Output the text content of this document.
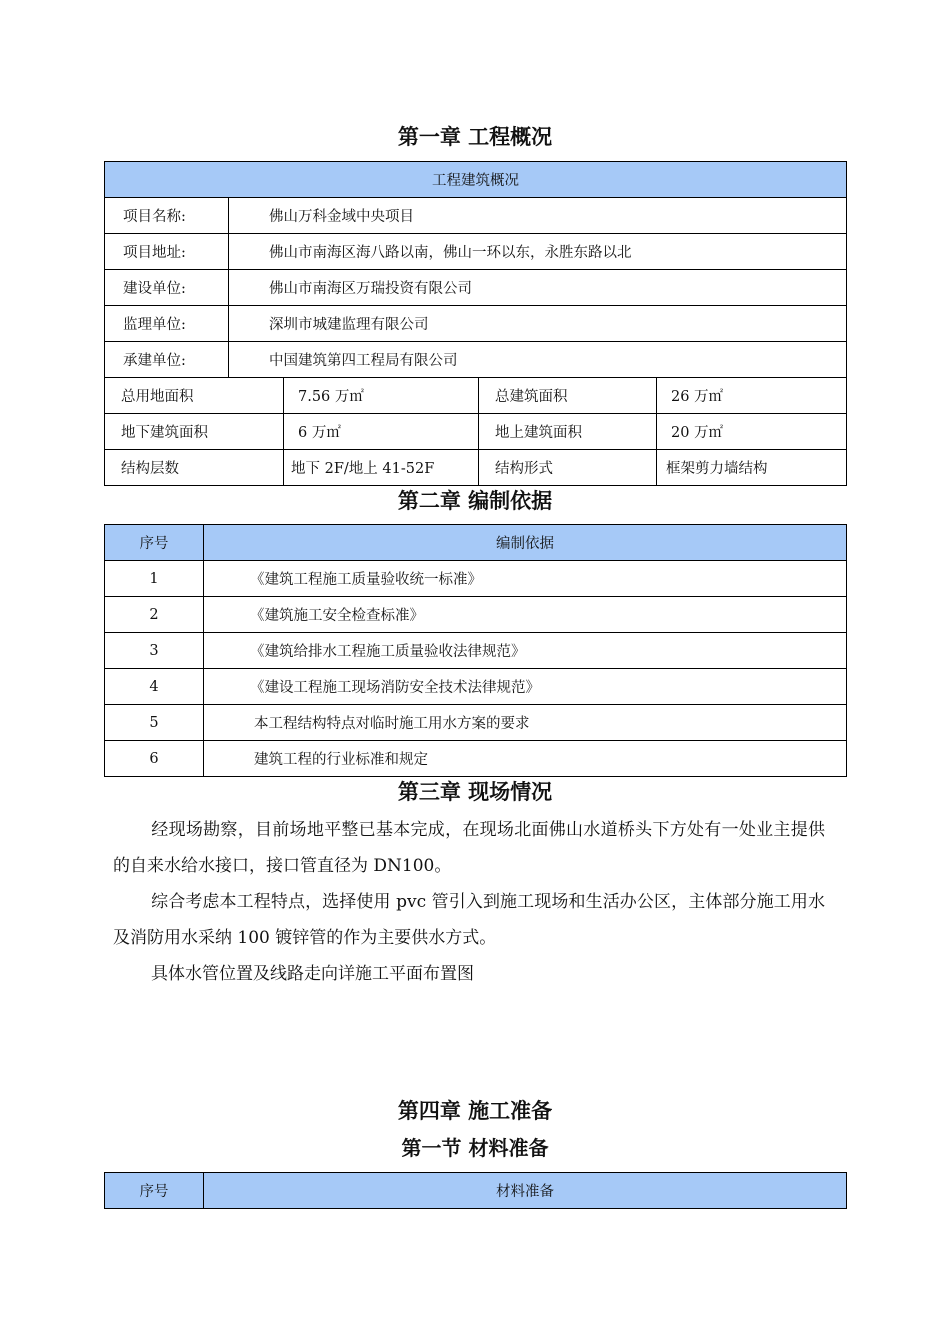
第一章 工程概况
工程建筑概况				
项目名称:	佛山万科金域中央项目			
项目地址:	佛山市南海区海八路以南，佛山一环以东，永胜东路以北			
建设单位:	佛山市南海区万瑞投资有限公司			
监理单位:	深圳市城建监理有限公司			
承建单位:	中国建筑第四工程局有限公司			
总用地面积		7.56 万㎡	总建筑面积	26 万㎡
地下建筑面积		6 万㎡	地上建筑面积	20 万㎡
结构层数		地下 2F/地上 41-52F	结构形式	框架剪力墙结构
第二章 编制依据
序号	编制依据
1	《建筑工程施工质量验收统一标准》
2	《建筑施工安全检查标准》
3	《建筑给排水工程施工质量验收法律规范》
4	《建设工程施工现场消防安全技术法律规范》
5	本工程结构特点对临时施工用水方案的要求
6	建筑工程的行业标准和规定
第三章 现场情况

经现场勘察，目前场地平整已基本完成，在现场北面佛山水道桥头下方处有一处业主提供的自来水给水接口，接口管直径为 DN100。

综合考虑本工程特点，选择使用 pvc 管引入到施工现场和生活办公区，主体部分施工用水及消防用水采纳 100 镀锌管的作为主要供水方式。

具体水管位置及线路走向详施工平面布置图

第四章 施工准备
第一节 材料准备
序号	材料准备
